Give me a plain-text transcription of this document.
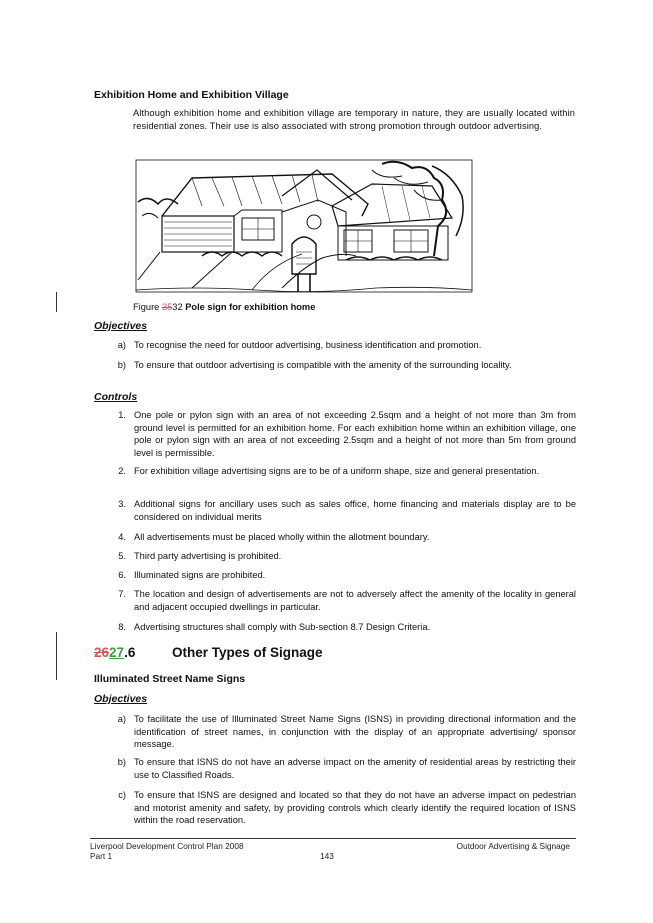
Exhibition Home and Exhibition Village
Although exhibition home and exhibition village are temporary in nature, they are usually located within residential zones. Their use is also associated with strong promotion through outdoor advertising.
Figure 3532 Pole sign for exhibition home
Objectives
a) To recognise the need for outdoor advertising, business identification and promotion.
b) To ensure that outdoor advertising is compatible with the amenity of the surrounding locality.
Controls
1. One pole or pylon sign with an area of not exceeding 2.5sqm and a height of not more than 3m from ground level is permitted for an exhibition home. For each exhibition home within an exhibition village, one pole or pylon sign with an area of not exceeding 2.5sqm and a height of not more than 5m from ground level is permissible.
2. For exhibition village advertising signs are to be of a uniform shape, size and general presentation.
3. Additional signs for ancillary uses such as sales office, home financing and materials display are to be considered on individual merits
4. All advertisements must be placed wholly within the allotment boundary.
5. Third party advertising is prohibited.
6. Illuminated signs are prohibited.
7. The location and design of advertisements are not to adversely affect the amenity of the locality in general and adjacent occupied dwellings in particular.
8. Advertising structures shall comply with Sub-section 8.7 Design Criteria.
2627.6	Other Types of Signage
Illuminated Street Name Signs
Objectives
a) To facilitate the use of Illuminated Street Name Signs (ISNS) in providing directional information and the identification of street names, in conjunction with the display of an appropriate advertising/ sponsor message.
b) To ensure that ISNS do not have an adverse impact on the amenity of residential areas by restricting their use to Classified Roads.
c) To ensure that ISNS are designed and located so that they do not have an adverse impact on pedestrian and motorist amenity and safety, by providing controls which clearly identify the required location of ISNS within the road reservation.
Liverpool Development Control Plan 2008
Part 1	143
Outdoor Advertising & Signage
